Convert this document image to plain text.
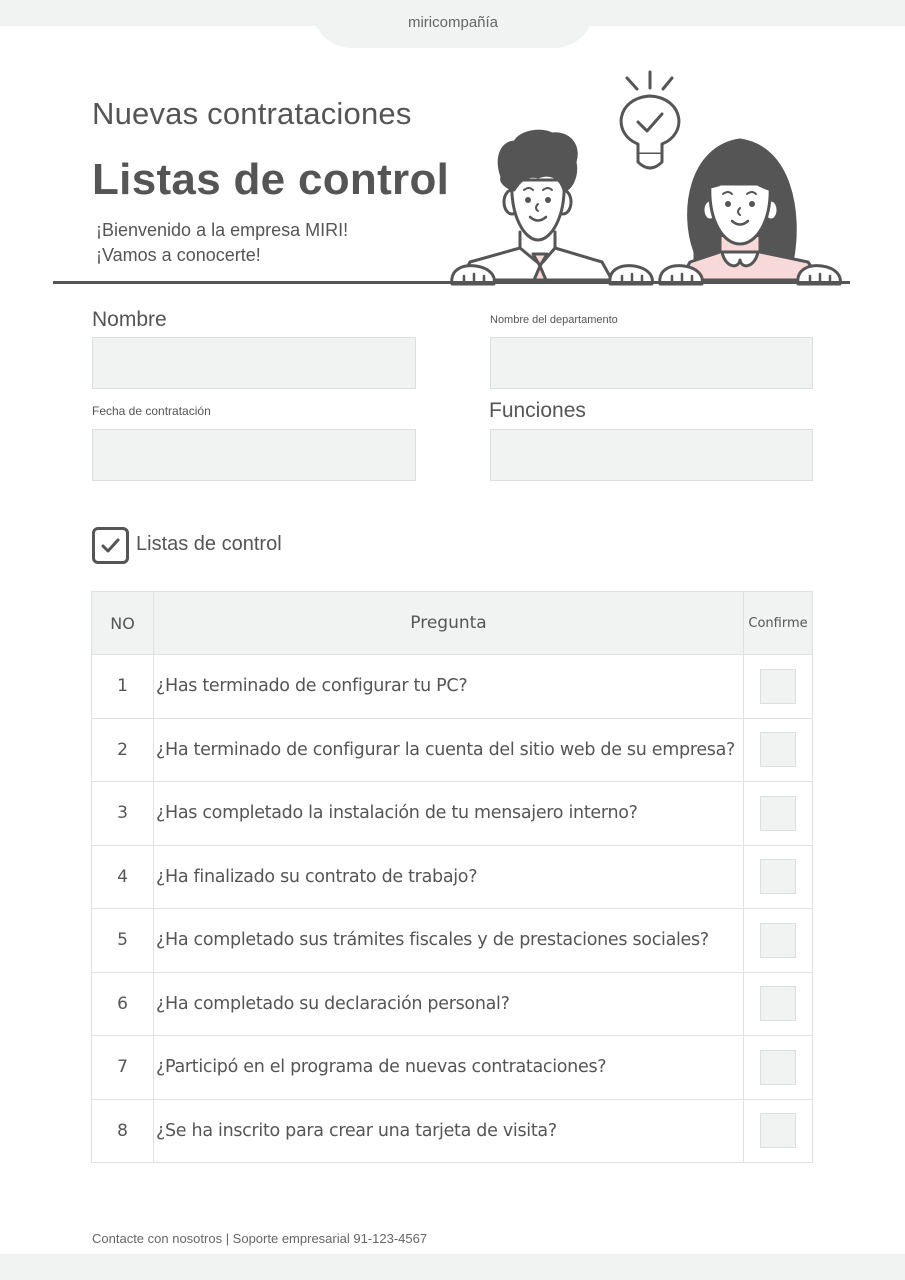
miricompañía
Nuevas contrataciones
Listas de control
¡Bienvenido a la empresa MIRI!
¡Vamos a conocerte!
Nombre	Nombre del departamento
Fecha de contratación	Funciones
Listas de control
NO	Pregunta	Confirme
1	¿Has terminado de configurar tu PC?	
2	¿Ha terminado de configurar la cuenta del sitio web de su empresa?	
3	¿Has completado la instalación de tu mensajero interno?	
4	¿Ha finalizado su contrato de trabajo?	
5	¿Ha completado sus trámites fiscales y de prestaciones sociales?	
6	¿Ha completado su declaración personal?	
7	¿Participó en el programa de nuevas contrataciones?	
8	¿Se ha inscrito para crear una tarjeta de visita?	
Contacte con nosotros | Soporte empresarial 91-123-4567
